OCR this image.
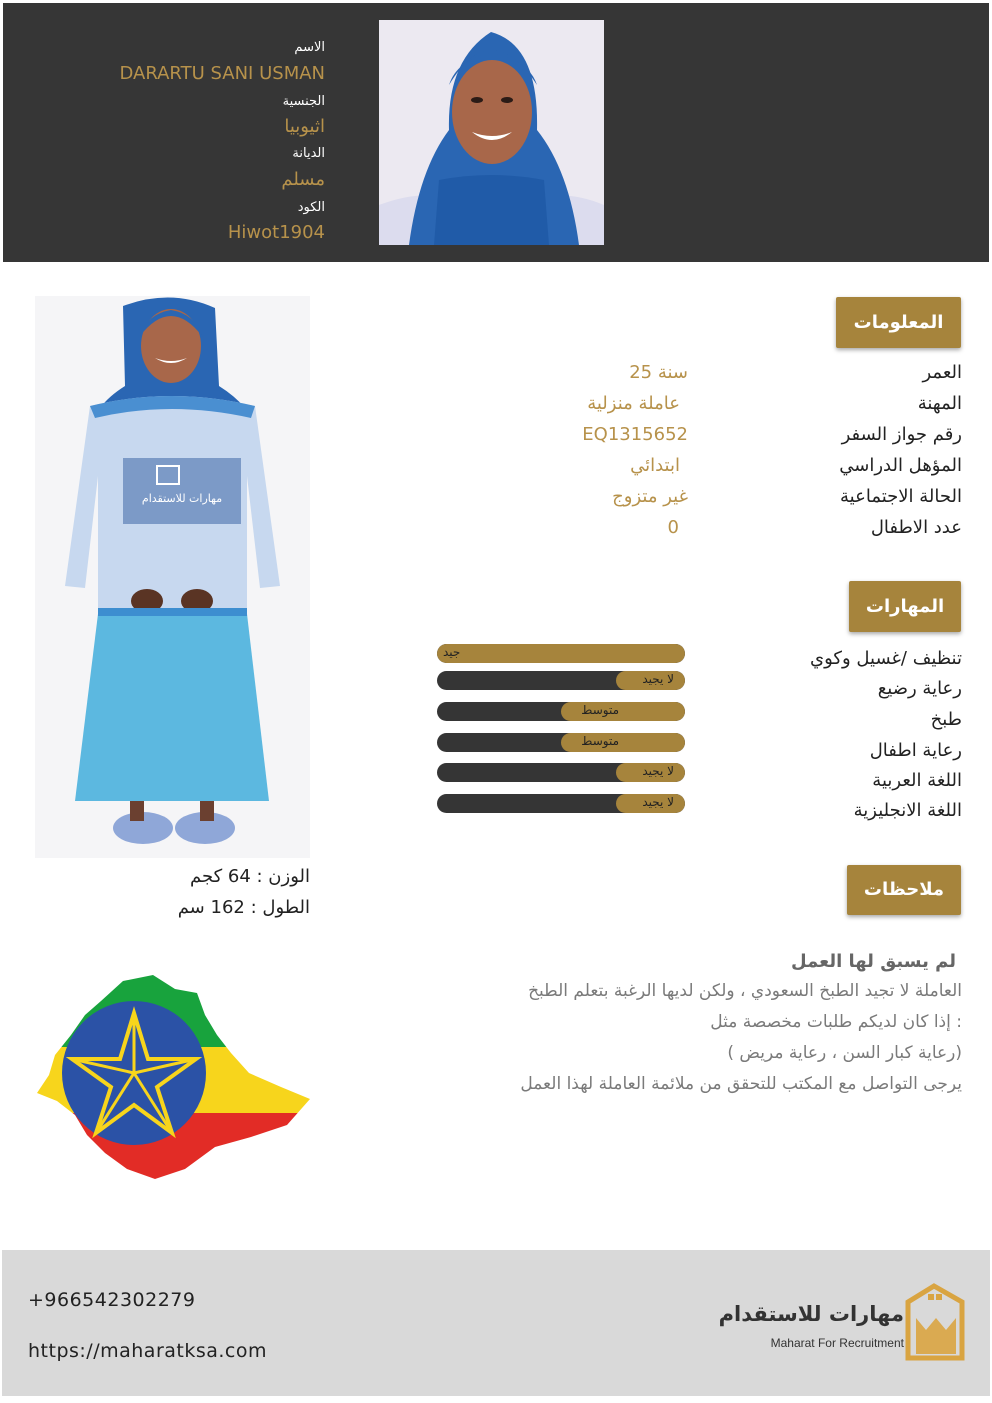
الاسم
DARARTU SANI USMAN
الجنسية
اثيوبيا
الديانة
مسلم
الكود
Hiwot1904
المعلومات
العمر
25 سنة
المهنة
عاملة منزلية
رقم جواز السفر
EQ1315652
المؤهل الدراسي
ابتدائي
الحالة الاجتماعية
غير متزوج
عدد الاطفال
0
المهارات
تنظيف /غسيل وكوي
جيد
رعاية رضيع
لا يجيد
طبخ
متوسط
رعاية اطفال
متوسط
اللغة العربية
لا يجيد
اللغة الانجليزية
لا يجيد
ملاحظات
لم يسبق لها العمل
العاملة لا تجيد الطبخ السعودي ، ولكن لديها الرغبة بتعلم الطبخ
إذا كان لديكم طلبات مخصصة مثل :
( رعاية كبار السن ، رعاية مريض)
يرجى التواصل مع المكتب للتحقق من ملائمة العاملة لهذا العمل
مهارات للاستقدام
الوزن : 64 كجم
الطول : 162 سم
+966542302279
https://maharatksa.com
مهارات للاستقدام
Maharat For Recruitment
